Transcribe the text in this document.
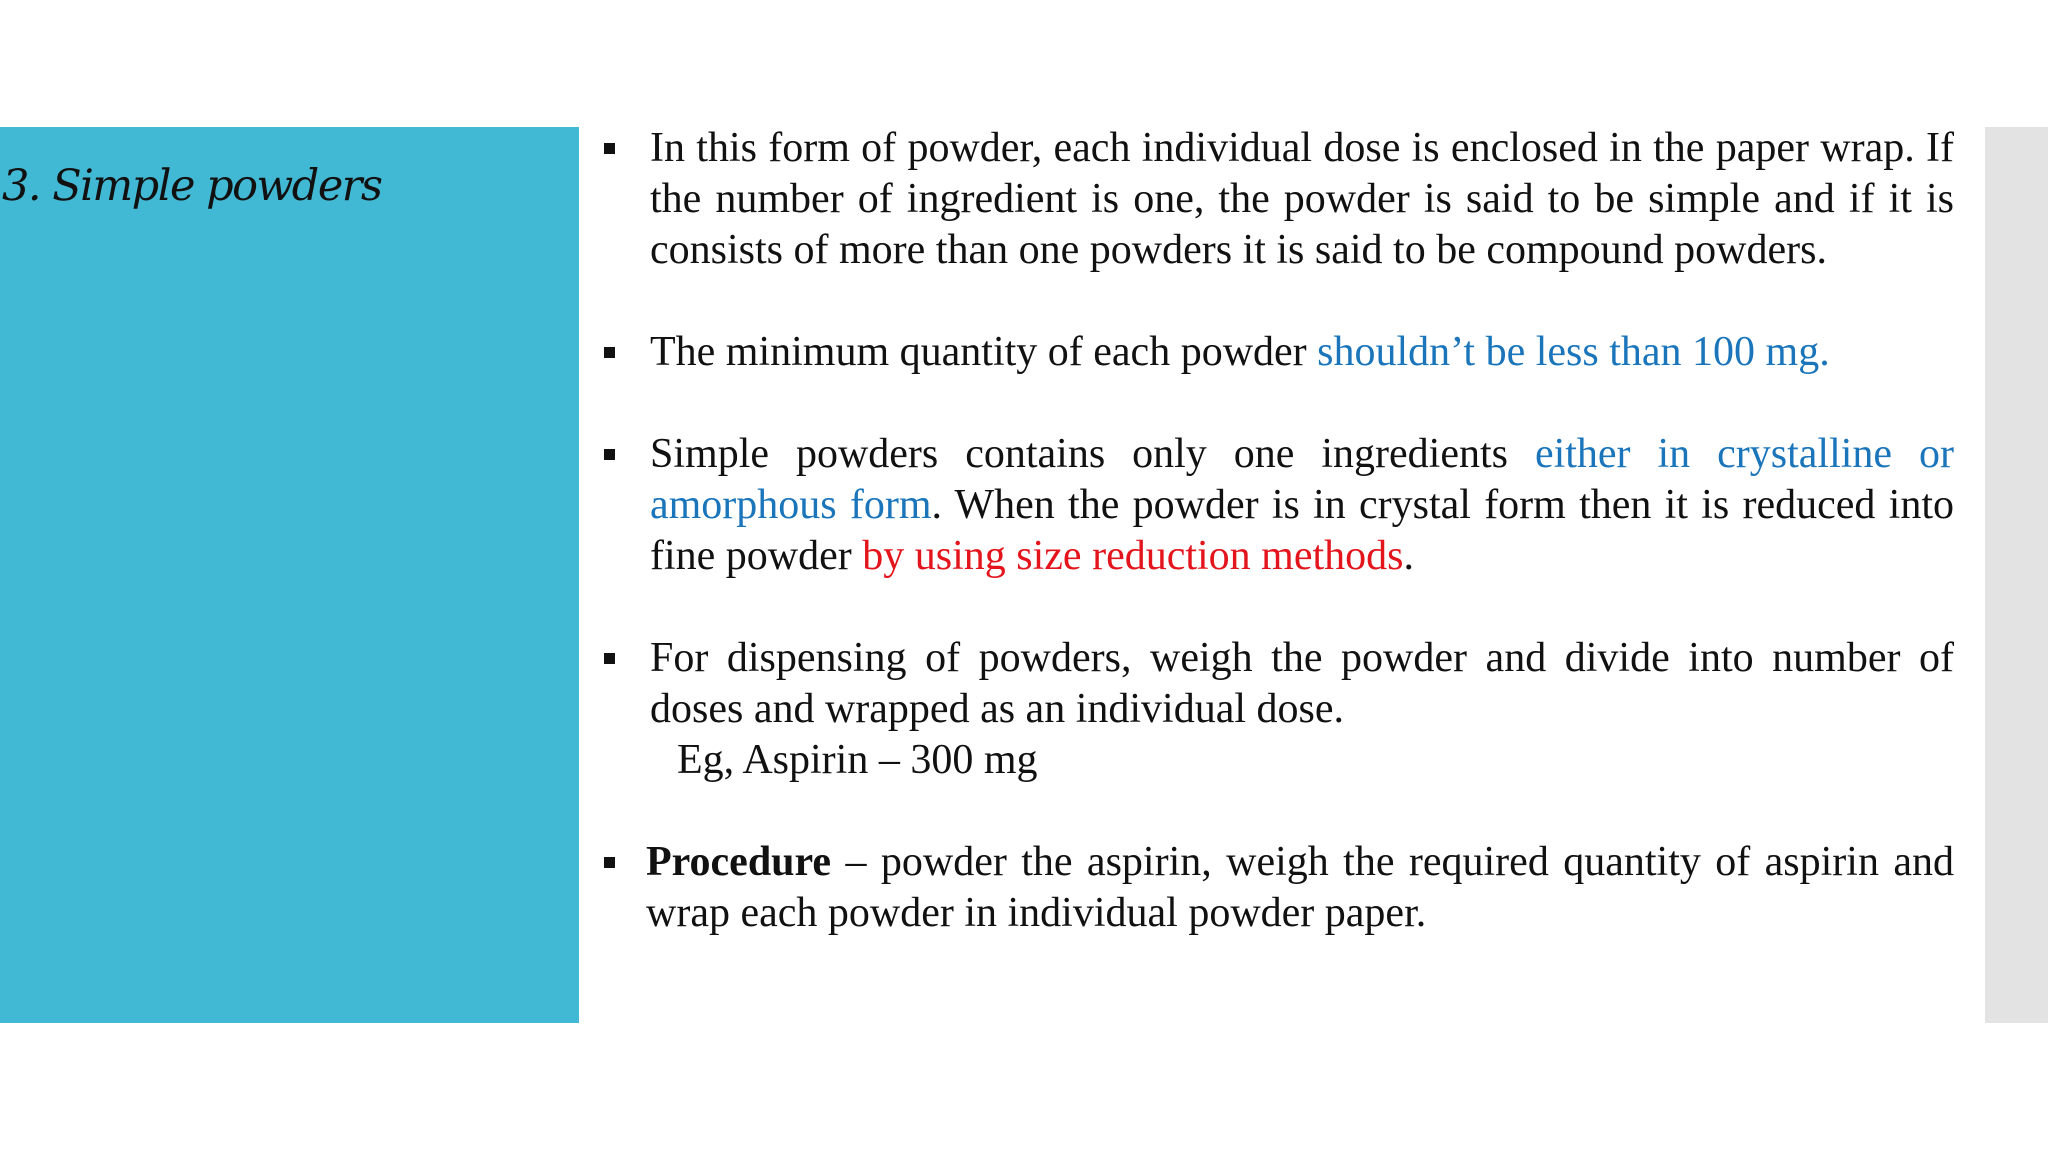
3. Simple powders
In this form of powder, each individual dose is enclosed in the paper wrap. If the number of ingredient is one, the powder is said to be simple and if it is consists of more than one powders it is said to be compound powders.
The minimum quantity of each powder shouldn’t be less than 100 mg.
Simple powders contains only one ingredients either in crystalline or amorphous form. When the powder is in crystal form then it is reduced into fine powder by using size reduction methods.
For dispensing of powders, weigh the powder and divide into number of doses and wrapped as an individual dose.
Eg, Aspirin – 300 mg
Procedure – powder the aspirin, weigh the required quantity of aspirin and wrap each powder in individual powder paper.
